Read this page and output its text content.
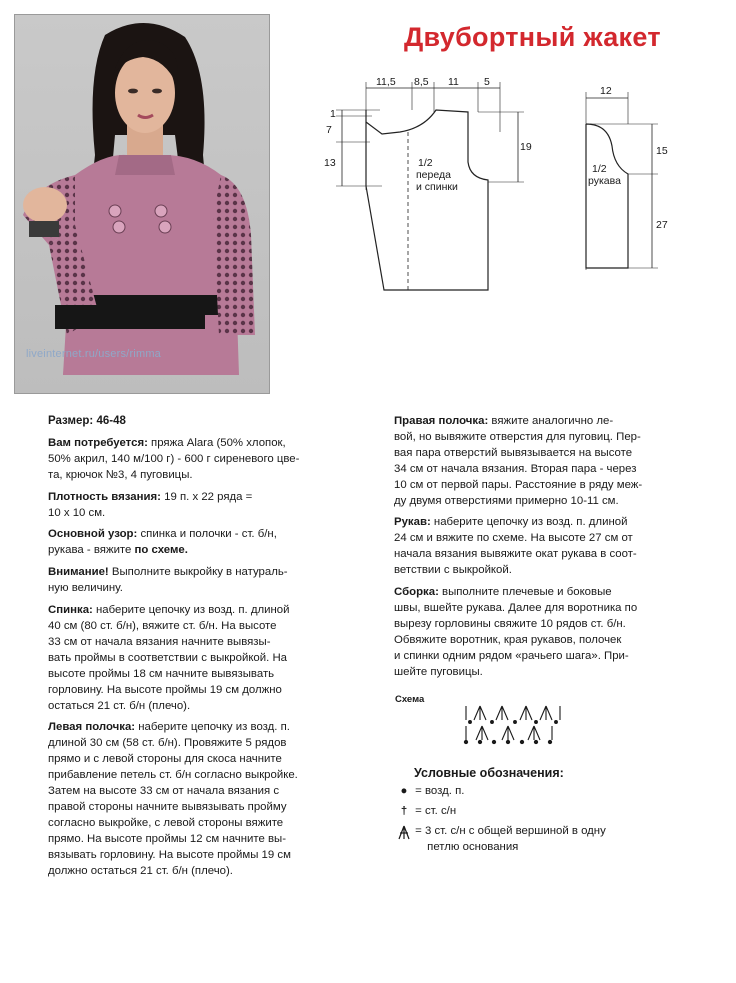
liveinternet.ru/users/rimma
Двубортный жакет
11,5 8,5 11 5
1
7
13
19
1/2
переда
и спинки
12
15
27
1/2
рукава

Размер: 46-48

Вам потребуется: пряжа Alara (50% хлопок,
50% акрил, 140 м/100 г) - 600 г сиреневого цве-
та, крючок №3, 4 пуговицы.

Плотность вязания: 19 п. х 22 ряда =
10 х 10 см.

Основной узор: спинка и полочки - ст. б/н,
рукава - вяжите по схеме.

Внимание! Выполните выкройку в натураль-
ную величину.

Спинка: наберите цепочку из возд. п. длиной
40 см (80 ст. б/н), вяжите ст. б/н. На высоте
33 см от начала вязания начните вывязы-
вать проймы в соответствии с выкройкой. На
высоте проймы 18 см начните вывязывать
горловину. На высоте проймы 19 см должно
остаться 21 ст. б/н (плечо).

Левая полочка: наберите цепочку из возд. п.
длиной 30 см (58 ст. б/н). Провяжите 5 рядов
прямо и с левой стороны для скоса начните
прибавление петель ст. б/н согласно выкройке.
Затем на высоте 33 см от начала вязания с
правой стороны начните вывязывать пройму
согласно выкройке, с левой стороны вяжите
прямо. На высоте проймы 12 см начните вы-
вязывать горловину. На высоте проймы 19 см
должно остаться 21 ст. б/н (плечо).

Правая полочка: вяжите аналогично ле-
вой, но вывяжите отверстия для пуговиц. Пер-
вая пара отверстий вывязывается на высоте
34 см от начала вязания. Вторая пара - через
10 см от первой пары. Расстояние в ряду меж-
ду двумя отверстиями примерно 10-11 см.

Рукав: наберите цепочку из возд. п. длиной
24 см и вяжите по схеме. На высоте 27 см от
начала вязания вывяжите окат рукава в соот-
ветствии с выкройкой.

Сборка: выполните плечевые и боковые
швы, вшейте рукава. Далее для воротника по
вырезу горловины свяжите 10 рядов ст. б/н.
Обвяжите воротник, края рукавов, полочек
и спинки одним рядом «рачьего шага». При-
шейте пуговицы.

Схема
Условные обозначения:
● = возд. п.
† = ст. с/н
= 3 ст. с/н с общей вершиной в одну
петлю основания
